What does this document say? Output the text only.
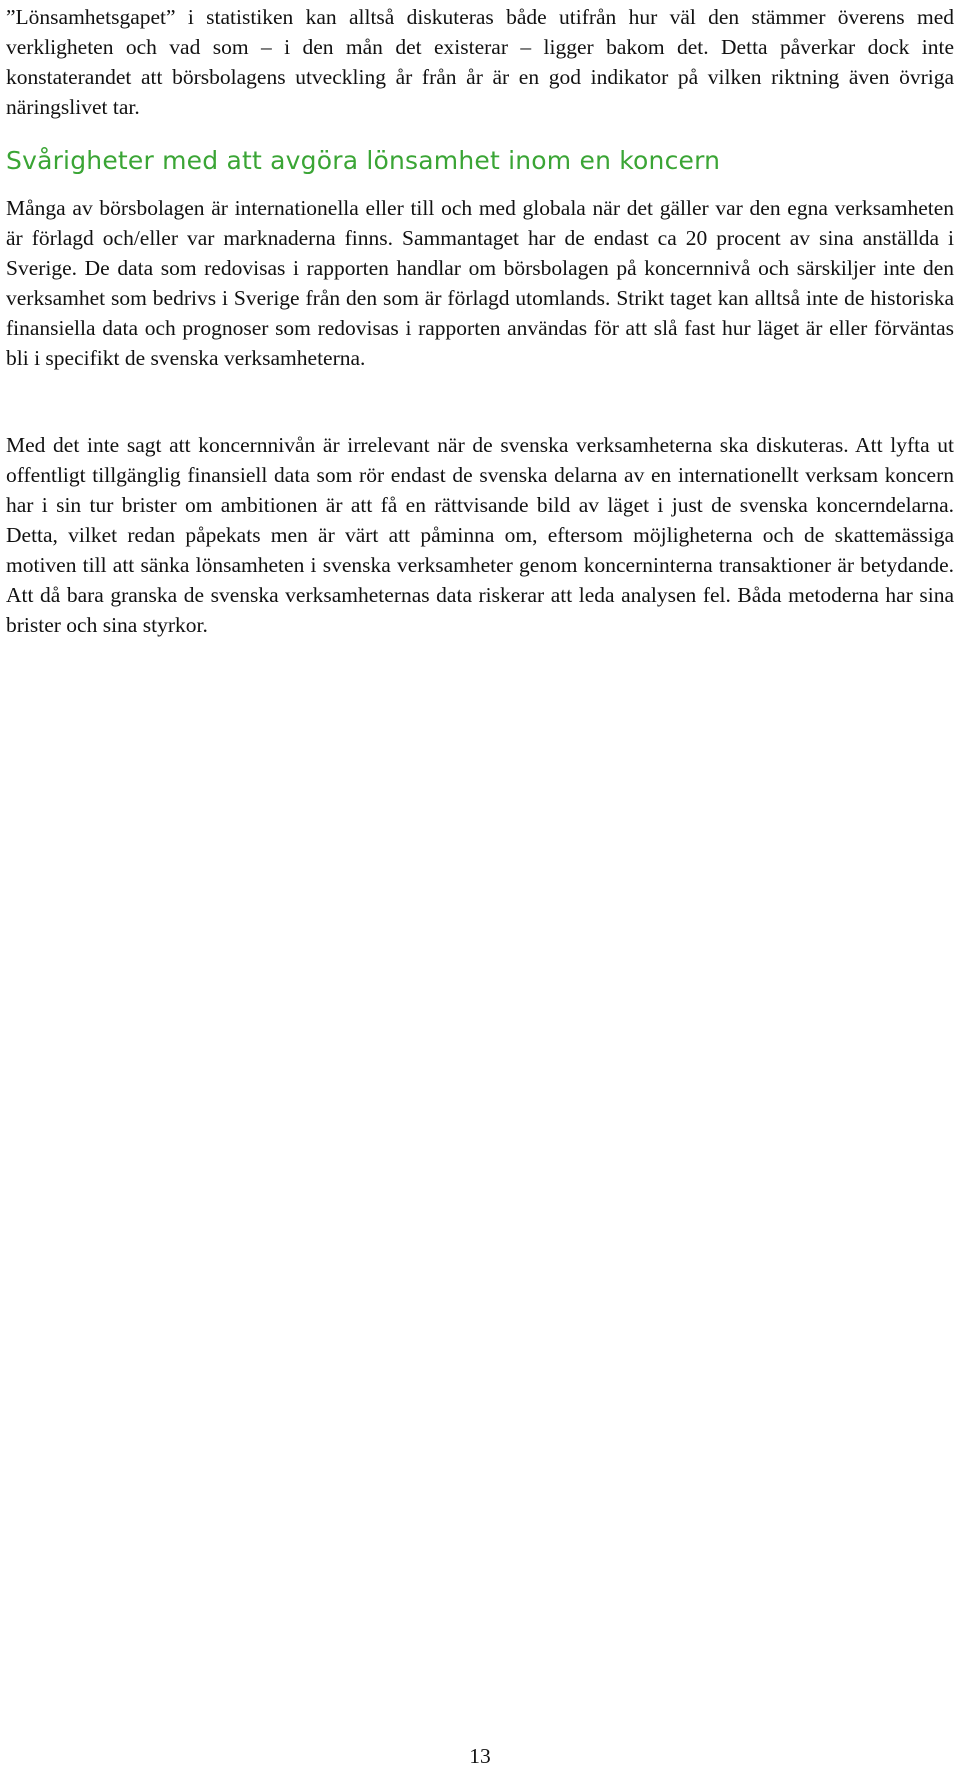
”Lönsamhetsgapet” i statistiken kan alltså diskuteras både utifrån hur väl den stämmer överens med verkligheten och vad som – i den mån det existerar – ligger bakom det. Detta påverkar dock inte konstaterandet att börsbolagens utveckling år från år är en god indikator på vilken riktning även övriga näringslivet tar.

Svårigheter med att avgöra lönsamhet inom en koncern

Många av börsbolagen är internationella eller till och med globala när det gäller var den egna verksamheten är förlagd och/eller var marknaderna finns. Sammantaget har de endast ca 20 procent av sina anställda i Sverige. De data som redovisas i rapporten handlar om börsbolagen på koncernnivå och särskiljer inte den verksamhet som bedrivs i Sverige från den som är förlagd utomlands. Strikt taget kan alltså inte de historiska finansiella data och prognoser som redovisas i rapporten användas för att slå fast hur läget är eller förväntas bli i specifikt de svenska verksamheterna.

Med det inte sagt att koncernnivån är irrelevant när de svenska verksamheterna ska diskuteras. Att lyfta ut offentligt tillgänglig finansiell data som rör endast de svenska delarna av en internationellt verksam koncern har i sin tur brister om ambitionen är att få en rättvisande bild av läget i just de svenska koncerndelarna. Detta, vilket redan påpekats men är värt att påminna om, eftersom möjligheterna och de skattemässiga motiven till att sänka lönsamheten i svenska verksamheter genom koncerninterna transaktioner är betydande. Att då bara granska de svenska verksamheternas data riskerar att leda analysen fel. Båda metoderna har sina brister och sina styrkor.

13
